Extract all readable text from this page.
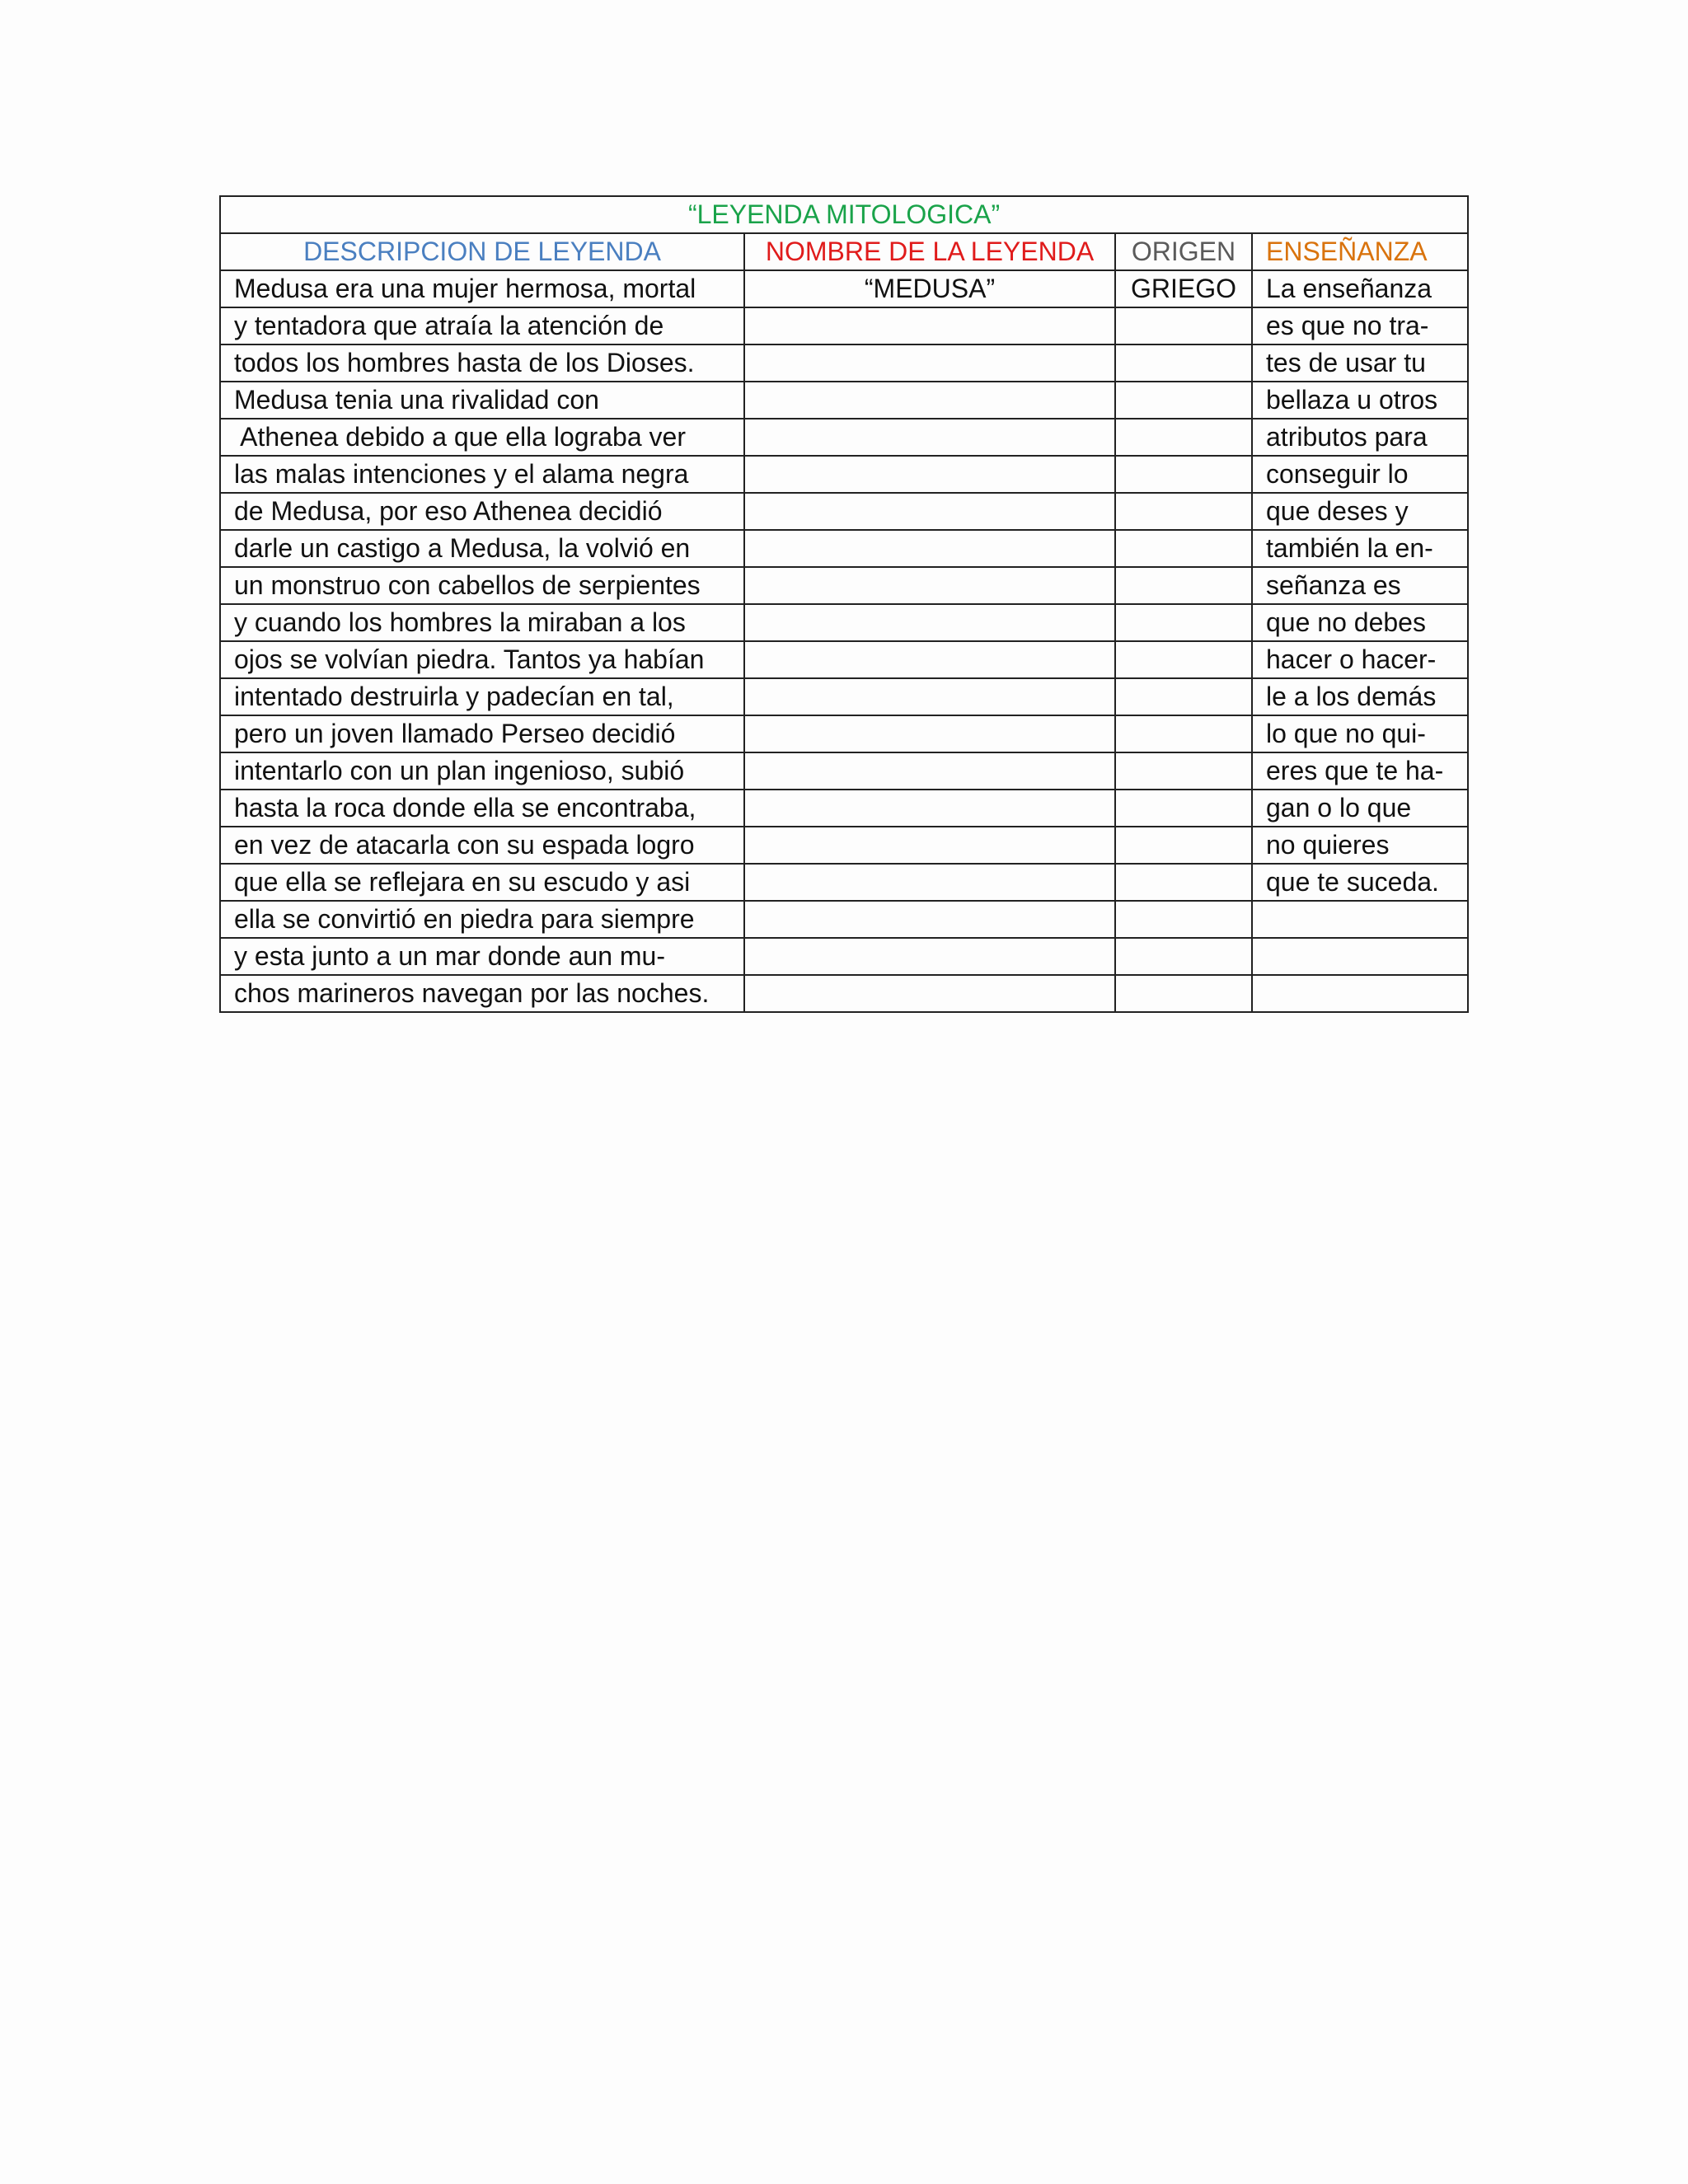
“LEYENDA MITOLOGICA”			
DESCRIPCION DE LEYENDA	NOMBRE DE LA LEYENDA	ORIGEN	ENSEÑANZA
Medusa era una mujer hermosa, mortal	“MEDUSA”	GRIEGO	La enseñanza
y tentadora que atraía la atención de			es que no tra-
todos los hombres hasta de los Dioses.			tes de usar tu
Medusa tenia una rivalidad con			bellaza u otros
Athenea debido a que ella lograba ver			atributos para
las malas intenciones y el alama negra			conseguir lo
de Medusa, por eso Athenea decidió			que deses y
darle un castigo a Medusa, la volvió en			también la en-
un monstruo con cabellos de serpientes			señanza es
y cuando los hombres la miraban a los			que no debes
ojos se volvían piedra. Tantos ya habían			hacer o hacer-
intentado destruirla y padecían en tal,			le a los demás
pero un joven llamado Perseo decidió			lo que no qui-
intentarlo con un plan ingenioso, subió			eres que te ha-
hasta la roca donde ella se encontraba,			gan o lo que
en vez de atacarla con su espada logro			no quieres
que ella se reflejara en su escudo y asi			que te suceda.
ella se convirtió en piedra para siempre			
y esta junto a un mar donde aun mu-			
chos marineros navegan por las noches.			
